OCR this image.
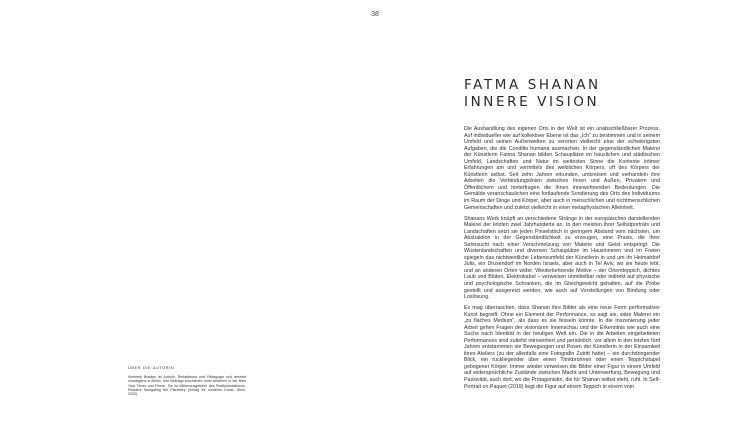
38
FATMA SHANAN
INNERE VISION

Die Aushandlung des eigenen Orts in der Welt ist ein unabschließbarer Prozess. Auf individueller wie auf kollektiver Ebene ist das „Ich" zu bestimmen und in seinem Umfeld und seinen Außenwelten zu verorten vielleicht eine der schwierigsten Aufgaben, die die Conditio humana ausmachen. In der gegenständlichen Malerei der Künstlerin Fatma Shanan bilden Schauplätze im häuslichen und städtischen Umfeld, Landschaften und Natur im weitesten Sinne die Kontexte intimer Erfahrungen am und vermittels des weiblichen Körpers, oft des Körpers der Künstlerin selbst. Seit zehn Jahren erkunden, umkreisen und verhandeln ihre Arbeiten die Verbindungslinien zwischen Innen und Außen, Privatem und Öffentlichem und hinterfragen die ihnen innewohnenden Bedeutungen. Die Gemälde veranschaulichen eine fortlaufende Sondierung des Orts des Individuums im Raum der Dinge und Körper, aber auch in menschlichen und nichtmenschlichen Gemeinschaften und zuletzt vielleicht in einer metaphysischen Alleinheit.

Shanans Werk knüpft an verschiedene Stränge in der europäischen darstellenden Malerei der letzten zwei Jahrhunderte an. In den meisten ihrer Selbstporträts und Landschaften setzt sie jeden Pinselstrich in geringem Abstand vom nächsten, um Abstraktion in der Gegenständlichkeit zu erzeugen, eine Praxis, die ihrer Sehnsucht nach einer Verschmelzung von Materie und Geist entspringt. Die Wüstenlandschaften und diversen Schauplätze im Hausinneren und im Freien spiegeln das nichtwestliche Lebensumfeld der Künstlerin in und um ihr Heimatdorf Julis, ein Drusendorf im Norden Israels, aber auch in Tel Aviv, wo sie heute lebt, und an anderen Orten wider. Wiederkehrende Motive – der Orientteppich, dichtes Laub und Blüten, Elektrokabel – verweisen unmittelbar oder indirekt auf physische und psychologische Schranken, die im Gleichgewicht gehalten, auf die Probe gestellt und ausgereizt werden, wie auch auf Vorstellungen von Bindung oder Loslösung.

Es mag überraschen, dass Shanan ihre Bilder als eine neue Form performativer Kunst begreift: Ohne ein Element der Performance, so sagt sie, wäre Malerei ein „zu flaches Medium", als dass es sie fesseln könnte. In die Inszenierung jeder Arbeit gehen Fragen der visionären Innenschau und der Erkenntnis wie auch eine Suche nach Identität in der heutigen Welt ein. Die in die Arbeiten eingebetteten Performances sind zutiefst introvertiert und persönlich; vor allem in den letzten fünf Jahren entstammten sie Bewegungen und Posen der Künstlerin in der Einsamkeit ihres Ateliers (zu der allenfalls eine Fotografin Zutritt hatte) – ein durchdringender Blick, ein rückliegender über einen Trinkbrunnen oder einen Teppichstapel gebogener Körper. Immer wieder verweisen die Bilder einer Figur in einem Umfeld auf widersprüchliche Zustände zwischen Macht und Unterwerfung, Bewegung und Passivität, auch dort, wo die Protagonistin, die für Shanan selbst steht, ruht. In Self-Portrait on Paquet (2019) liegt die Figur auf einem Teppich in einem vom

ÜBER DIE AUTORIN
Kimberly Bradley ist Autorin, Redakteurin und Pädagogin und arbeitet vorwiegend in Berlin. Ihre Beiträge erschienen unter anderem in der New York Times und Frieze. Sie ist Mitherausgeberin des Postkolonialismus-Readers Navigating the Planetary (Verlag für moderne Kunst, Wien, 2020).
